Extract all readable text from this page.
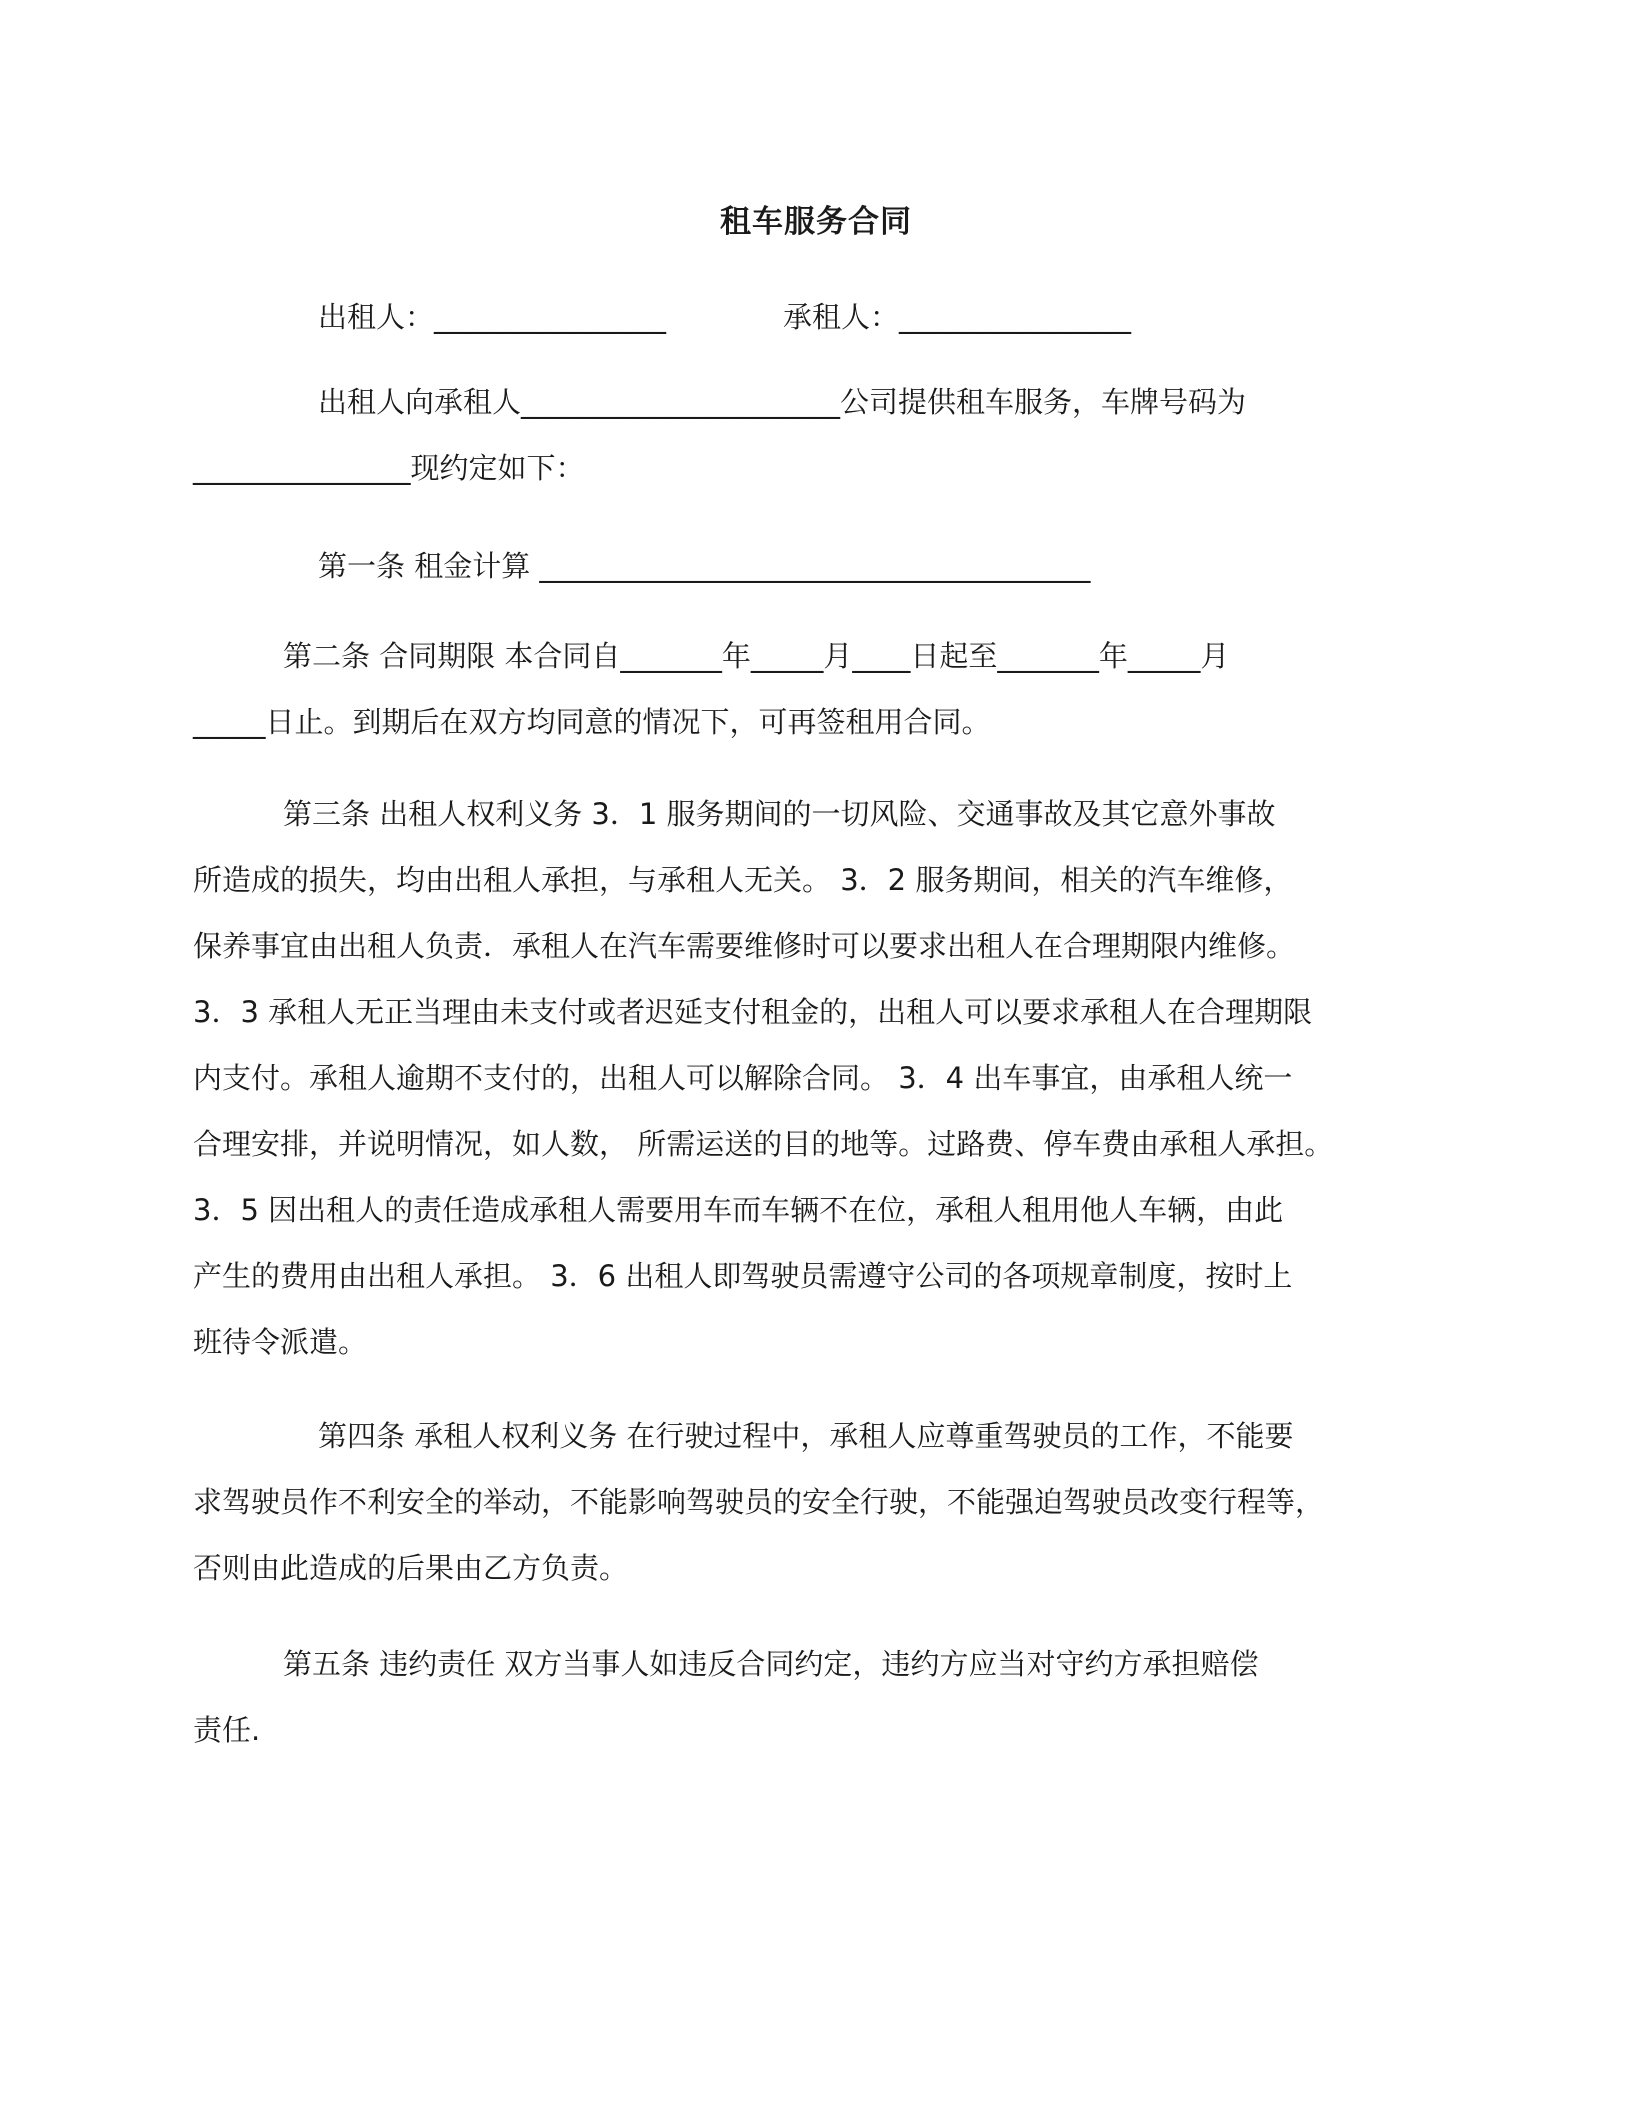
租车服务合同
出租人：________________	承租人：________________
出租人向承租人______________________公司提供租车服务，车牌号码为
_______________现约定如下：
第一条 租金计算 ______________________________________
第二条 合同期限 本合同自_______年_____月____日起至_______年_____月
_____日止。到期后在双方均同意的情况下，可再签租用合同。
第三条 出租人权利义务 3．1 服务期间的一切风险、交通事故及其它意外事故
所造成的损失，均由出租人承担，与承租人无关。 3．2 服务期间，相关的汽车维修，
保养事宜由出租人负责．承租人在汽车需要维修时可以要求出租人在合理期限内维修。
3．3 承租人无正当理由未支付或者迟延支付租金的，出租人可以要求承租人在合理期限
内支付。承租人逾期不支付的，出租人可以解除合同。 3．4 出车事宜，由承租人统一
合理安排，并说明情况，如人数， 所需运送的目的地等。过路费、停车费由承租人承担。
3．5 因出租人的责任造成承租人需要用车而车辆不在位，承租人租用他人车辆，由此
产生的费用由出租人承担。 3．6 出租人即驾驶员需遵守公司的各项规章制度，按时上
班待令派遣。
第四条 承租人权利义务 在行驶过程中，承租人应尊重驾驶员的工作，不能要
求驾驶员作不利安全的举动，不能影响驾驶员的安全行驶，不能强迫驾驶员改变行程等，
否则由此造成的后果由乙方负责。
第五条 违约责任 双方当事人如违反合同约定，违约方应当对守约方承担赔偿
责任.
